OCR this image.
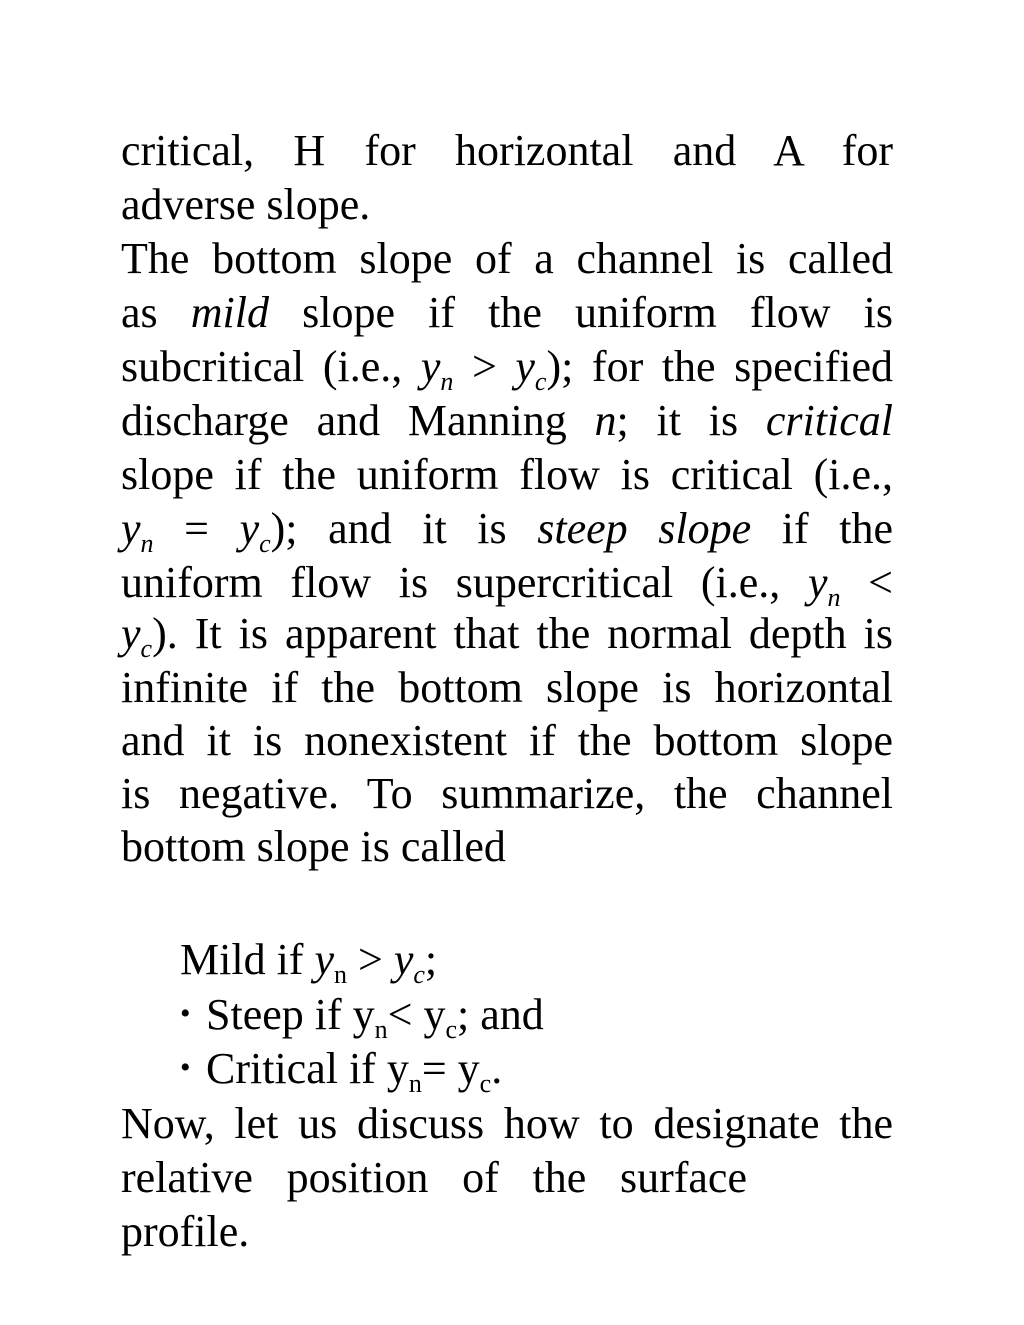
critical, H for horizontal and A for
adverse slope.
The bottom slope of a channel is called
as mild slope if the uniform flow is
subcritical (i.e., $y_n > y_c$); for the specified
discharge and Manning n; it is critical
slope if the uniform flow is critical (i.e.,
$y_n = y_c$); and it is steep slope if the
uniform flow is supercritical (i.e., $y_n$ <
$y_c$). It is apparent that the normal depth is
infinite if the bottom slope is horizontal
and it is nonexistent if the bottom slope
is negative. To summarize, the channel
bottom slope is called
Mild if $y_n > y_c$;
• Steep if $y_n< y_c$; and
• Critical if $y_n= y_c$.
Now, let us discuss how to designate the
relative position of the surface
profile.
